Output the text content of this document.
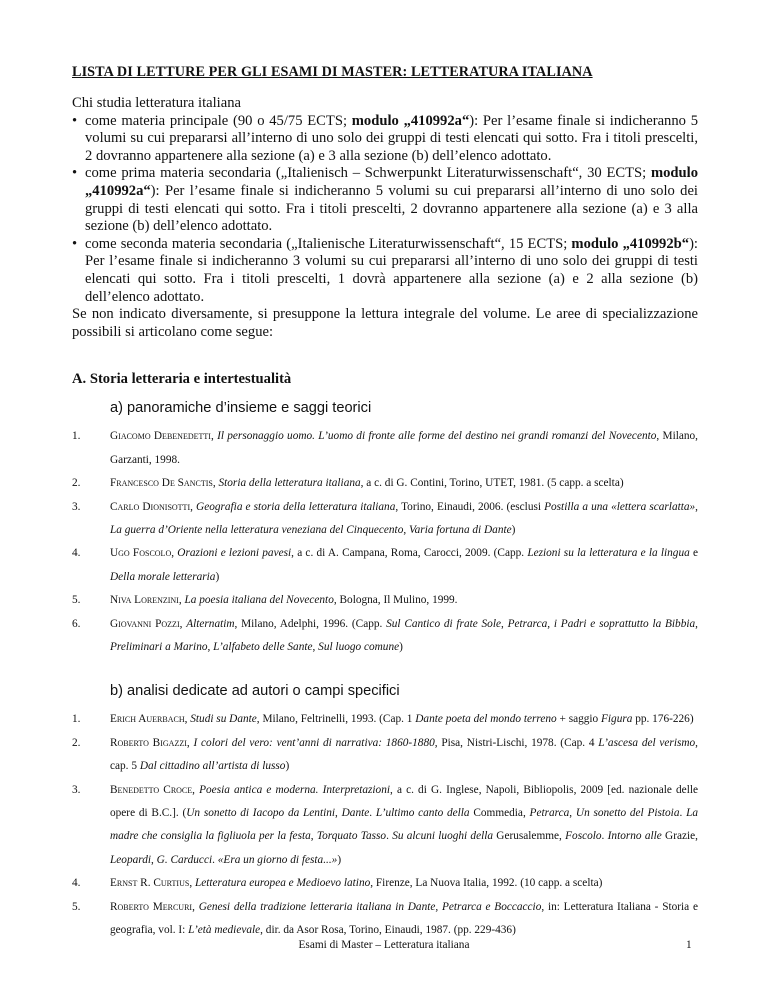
LISTA DI LETTURE PER GLI ESAMI DI MASTER: LETTERATURA ITALIANA

Chi studia letteratura italiana

• come materia principale (90 o 45/75 ECTS; modulo „410992a“): Per l’esame finale si indicheranno 5 volumi su cui prepararsi all’interno di uno solo dei gruppi di testi elencati qui sotto. Fra i titoli prescelti, 2 dovranno appartenere alla sezione (a) e 3 alla sezione (b) dell’elenco adottato.

• come prima materia secondaria („Italienisch – Schwerpunkt Literaturwissenschaft“, 30 ECTS; modulo „410992a“): Per l’esame finale si indicheranno 5 volumi su cui prepararsi all’interno di uno solo dei gruppi di testi elencati qui sotto. Fra i titoli prescelti, 2 dovranno appartenere alla sezione (a) e 3 alla sezione (b) dell’elenco adottato.

• come seconda materia secondaria („Italienische Literaturwissenschaft“, 15 ECTS; modulo „410992b“): Per l’esame finale si indicheranno 3 volumi su cui prepararsi all’interno di uno solo dei gruppi di testi elencati qui sotto. Fra i titoli prescelti, 1 dovrà appartenere alla sezione (a) e 2 alla sezione (b) dell’elenco adottato.

Se non indicato diversamente, si presuppone la lettura integrale del volume. Le aree di specializzazione possibili si articolano come segue:

A. Storia letteraria e intertestualità
a) panoramiche d’insieme e saggi teorici
1.	Giacomo Debenedetti, Il personaggio uomo. L’uomo di fronte alle forme del destino nei grandi romanzi del Novecento, Milano, Garzanti, 1998.
2.	Francesco De Sanctis, Storia della letteratura italiana, a c. di G. Contini, Torino, UTET, 1981. (5 capp. a scelta)
3.	Carlo Dionisotti, Geografia e storia della letteratura italiana, Torino, Einaudi, 2006. (esclusi Postilla a una «lettera scarlatta», La guerra d’Oriente nella letteratura veneziana del Cinquecento, Varia fortuna di Dante)
4.	Ugo Foscolo, Orazioni e lezioni pavesi, a c. di A. Campana, Roma, Carocci, 2009. (Capp. Lezioni su la letteratura e la lingua e Della morale letteraria)
5.	Niva Lorenzini, La poesia italiana del Novecento, Bologna, Il Mulino, 1999.
6.	Giovanni Pozzi, Alternatim, Milano, Adelphi, 1996. (Capp. Sul Cantico di frate Sole, Petrarca, i Padri e soprattutto la Bibbia, Preliminari a Marino, L’alfabeto delle Sante, Sul luogo comune)
b) analisi dedicate ad autori o campi specifici
1.	Erich Auerbach, Studi su Dante, Milano, Feltrinelli, 1993. (Cap. 1 Dante poeta del mondo terreno + saggio Figura pp. 176-226)
2.	Roberto Bigazzi, I colori del vero: vent’anni di narrativa: 1860-1880, Pisa, Nistri-Lischi, 1978. (Cap. 4 L’ascesa del verismo, cap. 5 Dal cittadino all’artista di lusso)
3.	Benedetto Croce, Poesia antica e moderna. Interpretazioni, a c. di G. Inglese, Napoli, Bibliopolis, 2009 [ed. nazionale delle opere di B.C.]. (Un sonetto di Iacopo da Lentini, Dante. L’ultimo canto della Commedia, Petrarca, Un sonetto del Pistoia. La madre che consiglia la figliuola per la festa, Torquato Tasso. Su alcuni luoghi della Gerusalemme, Foscolo. Intorno alle Grazie, Leopardi, G. Carducci. «Era un giorno di festa...»)
4.	Ernst R. Curtius, Letteratura europea e Medioevo latino, Firenze, La Nuova Italia, 1992. (10 capp. a scelta)
5.	Roberto Mercuri, Genesi della tradizione letteraria italiana in Dante, Petrarca e Boccaccio, in: Letteratura Italiana - Storia e geografia, vol. I: L’età medievale, dir. da Asor Rosa, Torino, Einaudi, 1987. (pp. 229-436)
Esami di Master – Letteratura italiana	1
